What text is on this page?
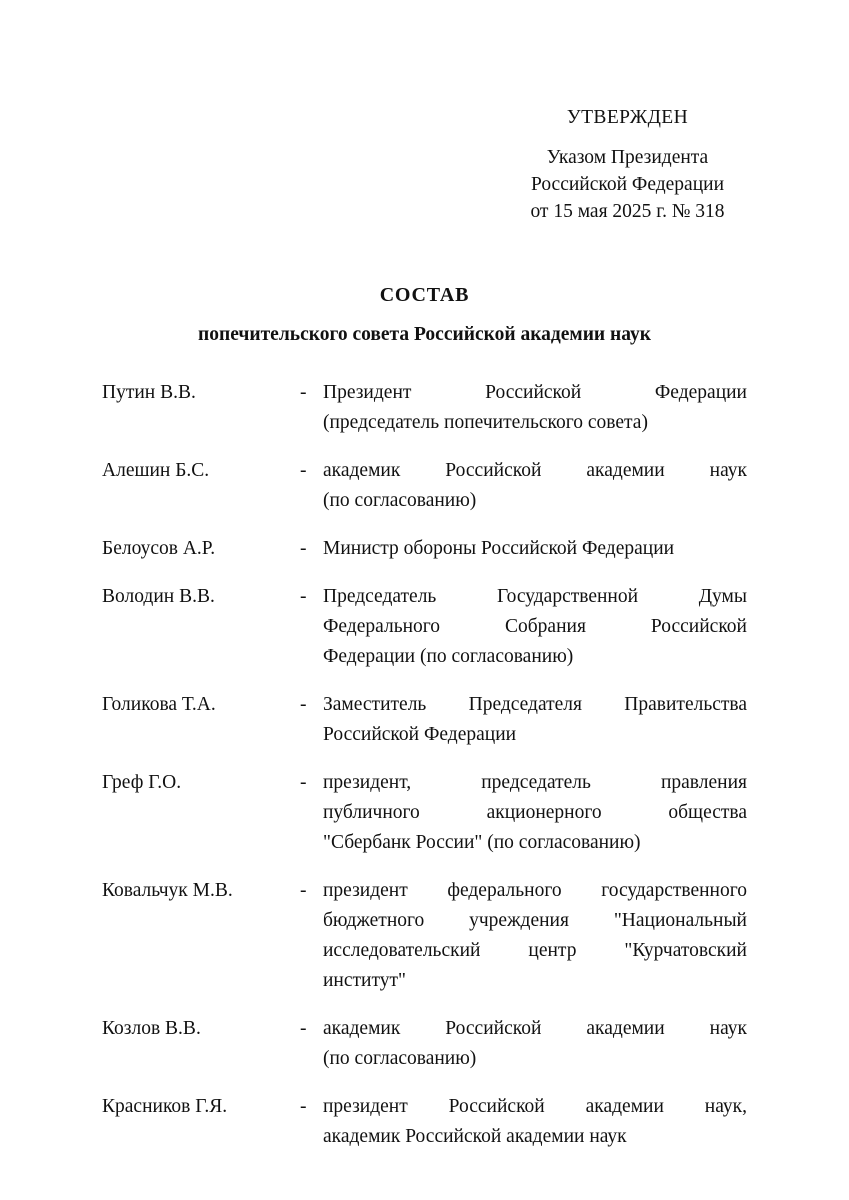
УТВЕРЖДЕН
Указом Президента
Российской Федерации
от 15 мая 2025 г. № 318
СОСТАВ
попечительского совета Российской академии наук
Путин В.В.	- Президент Российской Федерации
(председатель попечительского совета)
Алешин Б.С.	- академик Российской академии наук
(по согласованию)
Белоусов А.Р.	- Министр обороны Российской Федерации
Володин В.В.	- Председатель Государственной Думы
Федерального Собрания Российской
Федерации (по согласованию)
Голикова Т.А.	- Заместитель Председателя Правительства
Российской Федерации
Греф Г.О.	- президент, председатель правления
публичного акционерного общества
"Сбербанк России" (по согласованию)
Ковальчук М.В.	- президент федерального государственного
бюджетного учреждения "Национальный
исследовательский центр "Курчатовский
институт"
Козлов В.В.	- академик Российской академии наук
(по согласованию)
Красников Г.Я.	- президент Российской академии наук,
академик Российской академии наук
